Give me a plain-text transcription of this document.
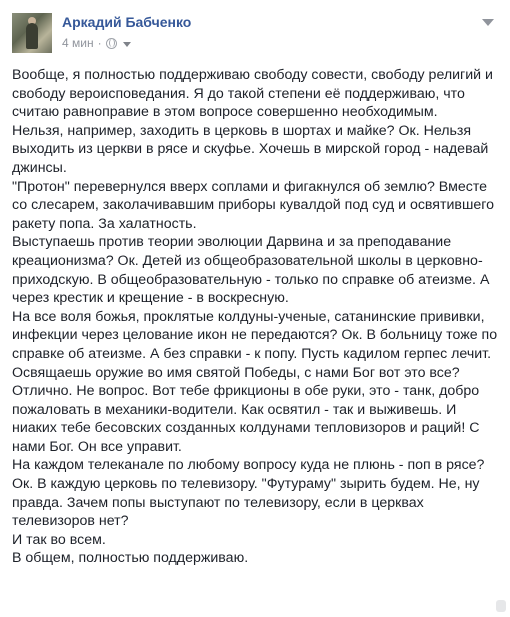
Аркадий Бабченко
4 мин ·

Вообще, я полностью поддерживаю свободу совести, свободу религий и свободу вероисповедания. Я до такой степени её поддерживаю, что считаю равноправие в этом вопросе совершенно необходимым.

Нельзя, например, заходить в церковь в шортах и майке? Ок. Нельзя выходить из церкви в рясе и скуфье. Хочешь в мирской город - надевай джинсы.

"Протон" перевернулся вверх соплами и фигакнулся об землю? Вместе со слесарем, заколачивавшим приборы кувалдой под суд и освятившего ракету попа. За халатность.

Выступаешь против теории эволюции Дарвина и за преподавание креационизма? Ок. Детей из общеобразовательной школы в церковно-приходскую. В общеобразовательную - только по справке об атеизме. А через крестик и крещение - в воскресную.

На все воля божья, проклятые колдуны-ученые, сатанинские прививки, инфекции через целование икон не передаются? Ок. В больницу тоже по справке об атеизме. А без справки - к попу. Пусть кадилом герпес лечит.

Освящаешь оружие во имя святой Победы, с нами Бог вот это все? Отлично. Не вопрос. Вот тебе фрикционы в обе руки, это - танк, добро пожаловать в механики-водители. Как освятил - так и выживешь. И ниаких тебе бесовских созданных колдунами тепловизоров и раций! С нами Бог. Он все управит.

На каждом телеканале по любому вопросу куда не плюнь - поп в рясе? Ок. В каждую церковь по телевизору. "Футураму" зырить будем. Не, ну правда. Зачем попы выступают по телевизору, если в церквах телевизоров нет?

И так во всем.

В общем, полностью поддерживаю.
